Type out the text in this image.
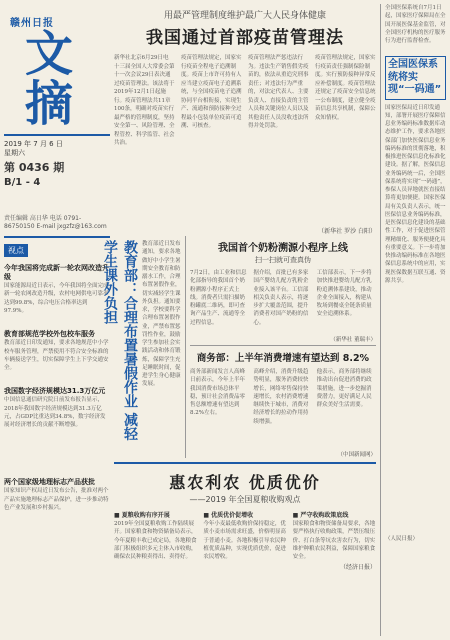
赣州日报
文
摘
2019 年 7 月 6 日
星期六
第 0436 期
B/1 - 4
责任编辑 高日华 电话 0791-86750150 E-mail jxgzfz@163.com
视点
今年我国将完成新一轮农网改造升级
国家能源局近日表示，今年我国将全面完成新一轮农网改造升级，农村电网供电可靠率达到99.8%，综合电压合格率达到97.9%。
教育部规范学校外包校车服务
教育部近日印发通知，要求各地规范中小学校车服务管理，严禁使用不符合安全标准的车辆接送学生，切实保障学生上下学交通安全。
我国数字经济规模达31.3万亿元
中国信息通信研究院日前发布报告显示，2018年我国数字经济规模达到31.3万亿元，占GDP比重达到34.8%，数字经济发展对经济增长的贡献不断增强。
两个国家级地理标志产品获批
国家知识产权局近日发布公告，批准对两个产品实施地理标志产品保护，进一步推动特色产业发展和乡村振兴。
用最严管理制度维护最广大人民身体健康
我国通过首部疫苗管理法
新华社北京6月29日电 十三届全国人大常委会第十一次会议29日表决通过疫苗管理法。该法将于2019年12月1日起施行。疫苗管理法共11章100条，明确对疫苗实行最严格的管理制度，坚持安全第一、风险管理、全程管控、科学监管、社会共治。
疫苗管理法规定，国家实行疫苗全程电子追溯制度。疫苗上市许可持有人应当建立疫苗电子追溯系统，与全国疫苗电子追溯协同平台相衔接，实现生产、流通和预防接种全过程最小包装单位疫苗可追溯、可核查。
疫苗管理法严惩违法行为。违法生产销售假劣疫苗的，依法从重追究刑事责任；对违法行为严重的，对法定代表人、主要负责人、直接负责的主管人员和关键岗位人员以及其他责任人员没收违法所得并处罚款。
疫苗管理法规定，国家实行疫苗责任强制保险制度。实行预防接种异常反应补偿制度。疫苗管理法还规定了疫苗安全信息统一公布制度，建立健全疫苗信息共享机制，保障公众知情权。
（新华社 罗沙 白阳）
全国医保系统自7月1日起，国家医疗保障局在全国开展医保基金监管，对全国医疗机构的医疗服务行为进行监督检查。
全国医保系统将实现“一码通”
国家医保局近日印发通知，部署开展医疗保障信息业务编码标准数据库动态维护工作，要求各地医保部门加快医保信息业务编码标准的贯彻落地，积极推进医保信息化标准化建设。据了解，医保信息业务编码统一后，全国医保系统将实现“一码通”，参保人员异地就医直接结算将更加便捷。国家医保局有关负责人表示，统一医保信息业务编码标准，是医保信息化建设的基础性工作，对于促进医保管理精细化、服务便捷化具有重要意义。下一步将加快推动编码标准在各地医保信息系统中的应用，实现医保数据互联互通、资源共享。
（人民日报）
教育部：合理布置暑假作业 减轻学生课外负担	教育部近日发布通知，要求各地做好中小学生暑期安全教育和防溺水工作，合理布置暑假作业，切实减轻学生课外负担。通知要求，学校要科学合理布置暑假作业，严禁布置惩罚性作业，鼓励学生参加社会实践活动和体育锻炼，保障学生充足睡眠时间，促进学生身心健康发展。
我国首个奶粉溯源小程序上线
扫一扫就可查真伪
7月2日，由工业和信息化部指导的我国首个奶粉溯源小程序正式上线。消费者只需扫描奶粉罐底二维码，即可查询产品生产、流通等全过程信息。
据介绍，首批已有多家国产婴幼儿配方乳粉企业接入该平台。工信部相关负责人表示，将逐步扩大覆盖范围，提升消费者对国产奶粉的信心。
工信部表示，下一步将加快推进婴幼儿配方乳粉追溯体系建设，推动企业全面接入，构建从牧场到餐桌全链条质量安全追溯体系。
（新华社 董瑞丰）
商务部：上半年消费增速有望达到 8.2%
商务部新闻发言人高峰日前表示，今年上半年我国消费市场总体平稳，预计社会消费品零售总额增速有望达到8.2%左右。
高峰介绍，消费升级趋势明显，服务消费较快增长，网络零售保持快速增长，农村消费增速继续快于城市，消费对经济增长的拉动作用持续增强。
他表示，商务部将继续推动出台促进消费的政策措施，进一步挖掘消费潜力，更好满足人民群众美好生活需要。
（中国新闻网）
惠农利农 优质优价
——2019 年全国夏粮收购观点
■ 夏粮收购有序开展
2019年全国夏粮收购工作陆续展开。国家粮食和物资储备局表示，今年夏粮丰收已成定局，各地粮食部门积极组织多元主体入市收购，确保农民种粮卖得出、卖得好。
■ 优质优价促增收
今年小麦最低收购价保持稳定，优质小麦市场需求旺盛，价格明显高于普通小麦。各地积极引导农民种植优质品种，实现优质优价，促进农民增收。
■ 严守收购政策底线
国家粮食和物资储备局要求，各地要严格执行收购政策，严禁压级压价、打白条等坑农害农行为，切实维护种粮农民利益，保障国家粮食安全。
（经济日报）
